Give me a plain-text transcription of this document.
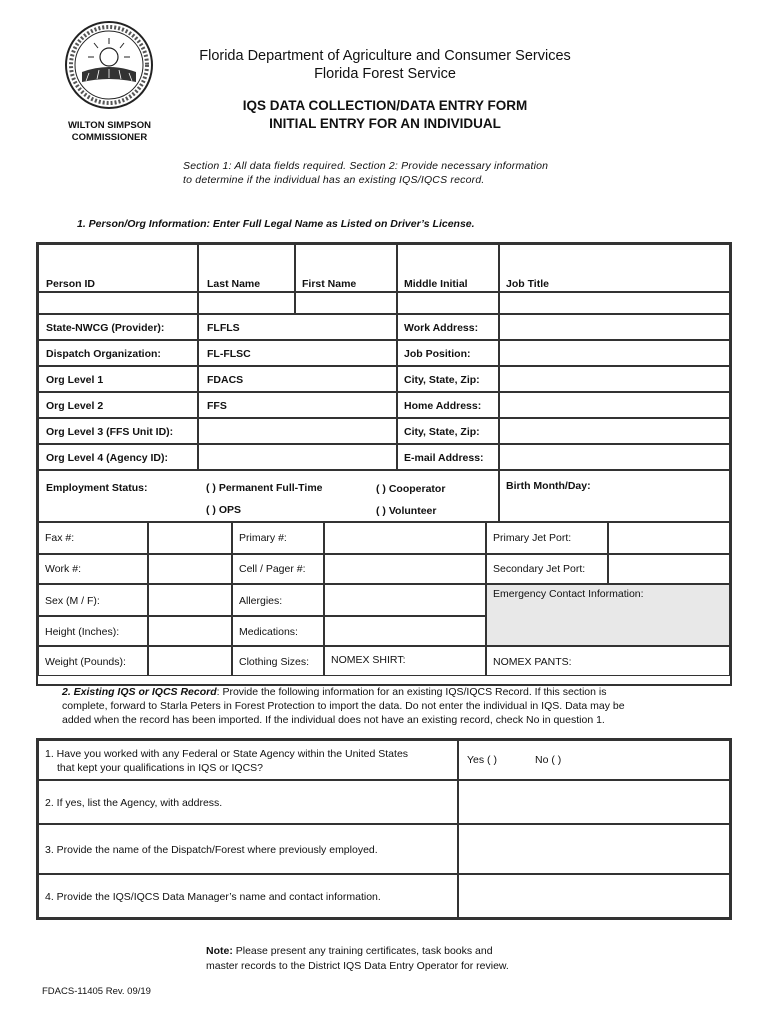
Florida Department of Agriculture and Consumer Services
Florida Forest Service
WILTON SIMPSON
COMMISSIONER
IQS DATA COLLECTION/DATA ENTRY FORM
INITIAL ENTRY FOR AN INDIVIDUAL
Section 1: All data fields required. Section 2: Provide necessary information
to determine if the individual has an existing IQS/IQCS record.
1. Person/Org Information: Enter Full Legal Name as Listed on Driver’s License.
Person ID	Last Name	First Name	Middle Initial	Job Title
State-NWCG (Provider):	FLFLS	Work Address:
Dispatch Organization:	FL-FLSC	Job Position:
Org Level 1	FDACS	City, State, Zip:
Org Level 2	FFS	Home Address:
Org Level 3 (FFS Unit ID):	City, State, Zip:
Org Level 4 (Agency ID):	E-mail Address:
Employment Status:	( ) Permanent Full-Time	( ) Cooperator
( ) OPS	( ) Volunteer
Birth Month/Day:
Fax #:	Primary #:	Primary Jet Port:
Work #:	Cell / Pager #:	Secondary Jet Port:
Sex (M / F):	Allergies:
Emergency Contact Information:
Height (Inches):	Medications:
Weight (Pounds):	Clothing Sizes: NOMEX SHIRT:	NOMEX PANTS:
2. Existing IQS or IQCS Record: Provide the following information for an existing IQS/IQCS Record. If this section is
complete, forward to Starla Peters in Forest Protection to import the data. Do not enter the individual in IQS. Data may be
added when the record has been imported. If the individual does not have an existing record, check No in question 1.
1. Have you worked with any Federal or State Agency within the United States
that kept your qualifications in IQS or IQCS?
Yes ( )	No ( )
2. If yes, list the Agency, with address.
3. Provide the name of the Dispatch/Forest where previously employed.
4. Provide the IQS/IQCS Data Manager’s name and contact information.
Note: Please present any training certificates, task books and
master records to the District IQS Data Entry Operator for review.
FDACS-11405 Rev. 09/19
